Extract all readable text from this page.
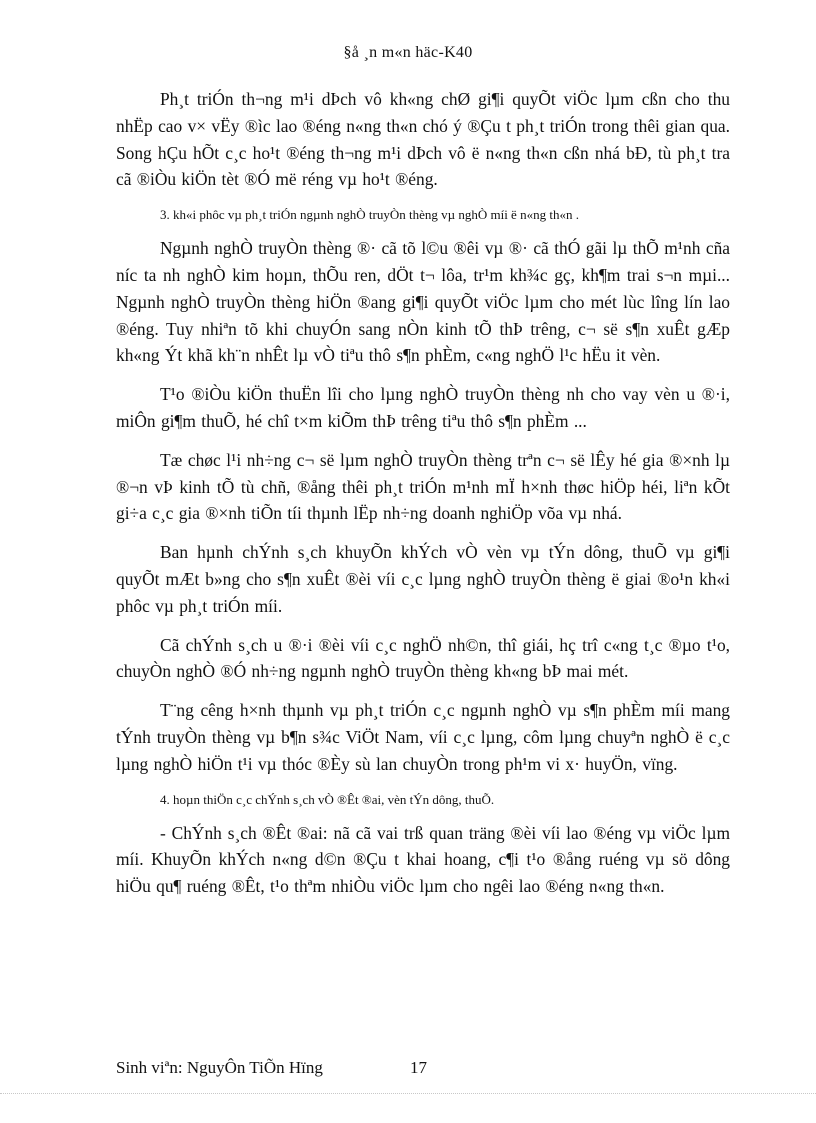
§å ¸n m«n häc-K40

Ph¸t triÓn th¬ng m¹i dÞch vô kh«ng chØ gi¶i quyÕt viÖc lµm cßn cho thu nhËp cao v× vËy ®ìc lao ®éng n«ng th«n chó ý ®Çu t ph¸t triÓn trong thêi gian qua. Song hÇu hÕt c¸c ho¹t ®éng th¬ng m¹i dÞch vô ë n«ng th«n cßn nhá bÐ, tù ph¸t tra cã ®iÒu kiÖn tèt ®Ó më réng vµ ho¹t ®éng.

3. kh«i phôc vµ ph¸t triÓn ngµnh nghÒ truyÒn thèng vµ nghÒ míi ë n«ng th«n .

Ngµnh nghÒ truyÒn thèng ®· cã tõ l©u ®êi vµ ®· cã thÓ gãi lµ thÕ m¹nh cña níc ta nh nghÒ kim hoµn, thÕu ren, dÖt t¬ lôa, tr¹m kh¾c gç, kh¶m trai s¬n mµi... Ngµnh nghÒ truyÒn thèng hiÖn ®ang gi¶i quyÕt viÖc lµm cho mét lùc lîng lín lao ®éng. Tuy nhiªn tõ khi chuyÓn sang nÒn kinh tÕ thÞ trêng, c¬ së s¶n xuÊt gÆp kh«ng Ýt khã kh¨n nhÊt lµ vÒ tiªu thô s¶n phÈm, c«ng nghÖ l¹c hËu it vèn.

T¹o ®iÒu kiÖn thuËn lîi cho lµng nghÒ truyÒn thèng nh cho vay vèn u ®·i, miÔn gi¶m thuÕ, hé chî t×m kiÕm thÞ trêng tiªu thô s¶n phÈm ...

Tæ chøc l¹i nh÷ng c¬ së lµm nghÒ truyÒn thèng trªn c¬ së lÊy hé gia ®×nh lµ ®¬n vÞ kinh tÕ tù chñ, ®ång thêi ph¸t triÓn m¹nh mÏ h×nh thøc hiÖp héi, liªn kÕt gi÷a c¸c gia ®×nh tiÕn tíi thµnh lËp nh÷ng doanh nghiÖp võa vµ nhá.

Ban hµnh chÝnh s¸ch khuyÕn khÝch vÒ vèn vµ tÝn dông, thuÕ vµ gi¶i quyÕt mÆt b»ng cho s¶n xuÊt ®èi víi c¸c lµng nghÒ truyÒn thèng ë giai ®o¹n kh«i phôc vµ ph¸t triÓn míi.

Cã chÝnh s¸ch u ®·i ®èi víi c¸c nghÖ nh©n, thî giái, hç trî c«ng t¸c ®µo t¹o, chuyÒn nghÒ ®Ó nh÷ng ngµnh nghÒ truyÒn thèng kh«ng bÞ mai mét.

T¨ng cêng h×nh thµnh vµ ph¸t triÓn c¸c ngµnh nghÒ vµ s¶n phÈm míi mang tÝnh truyÒn thèng vµ b¶n s¾c ViÖt Nam, víi c¸c lµng, côm lµng chuyªn nghÒ ë c¸c lµng nghÒ hiÖn t¹i vµ thóc ®Èy sù lan chuyÒn trong ph¹m vi x· huyÖn, vïng.

4. hoµn thiÖn c¸c chÝnh s¸ch vÒ ®Êt ®ai, vèn tÝn dông, thuÕ.

- ChÝnh s¸ch ®Êt ®ai: nã cã vai trß quan träng ®èi víi lao ®éng vµ viÖc lµm míi. KhuyÕn khÝch n«ng d©n ®Çu t khai hoang, c¶i t¹o ®ång ruéng vµ sö dông hiÖu qu¶ ruéng ®Êt, t¹o thªm nhiÒu viÖc lµm cho ngêi lao ®éng n«ng th«n.

Sinh viªn: NguyÔn TiÕn Hïng	17
